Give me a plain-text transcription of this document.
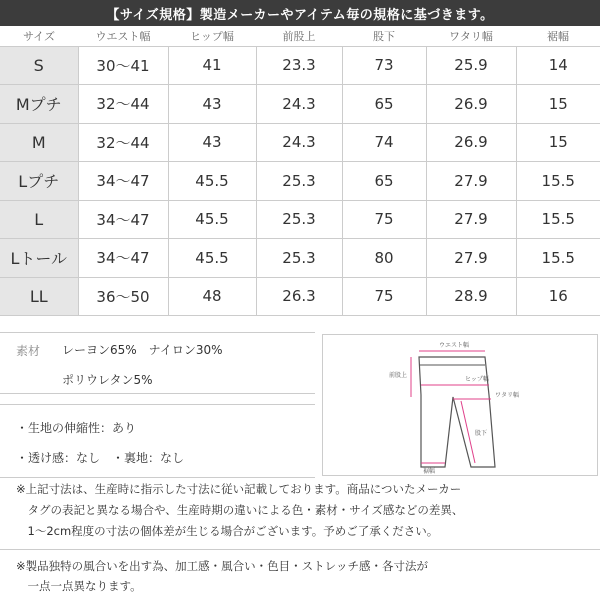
【サイズ規格】製造メーカーやアイテム毎の規格に基づきます。
サイズ	ウエスト幅	ヒップ幅	前股上	股下	ワタリ幅	裾幅
S	30〜41	41	23.3	73	25.9	14
Mプチ	32〜44	43	24.3	65	26.9	15
M	32〜44	43	24.3	74	26.9	15
Lプチ	34〜47	45.5	25.3	65	27.9	15.5
L	34〜47	45.5	25.3	75	27.9	15.5
Lトール	34〜47	45.5	25.3	80	27.9	15.5
LL	36〜50	48	26.3	75	28.9	16
素材 レーヨン65%　ナイロン30%
ポリウレタン5%
・生地の伸縮性：あり
・透け感：なし　・裏地：なし
ウエスト幅
前股上
ヒップ幅
ワタリ幅
股下
裾幅
※上記寸法は、生産時に指示した寸法に従い記載しております。商品についたメーカー
　タグの表記と異なる場合や、生産時期の違いによる色・素材・サイズ感などの差異、
　1〜2cm程度の寸法の個体差が生じる場合がございます。予めご了承ください。
※製品独特の風合いを出す為、加工感・風合い・色目・ストレッチ感・各寸法が
　一点一点異なります。
